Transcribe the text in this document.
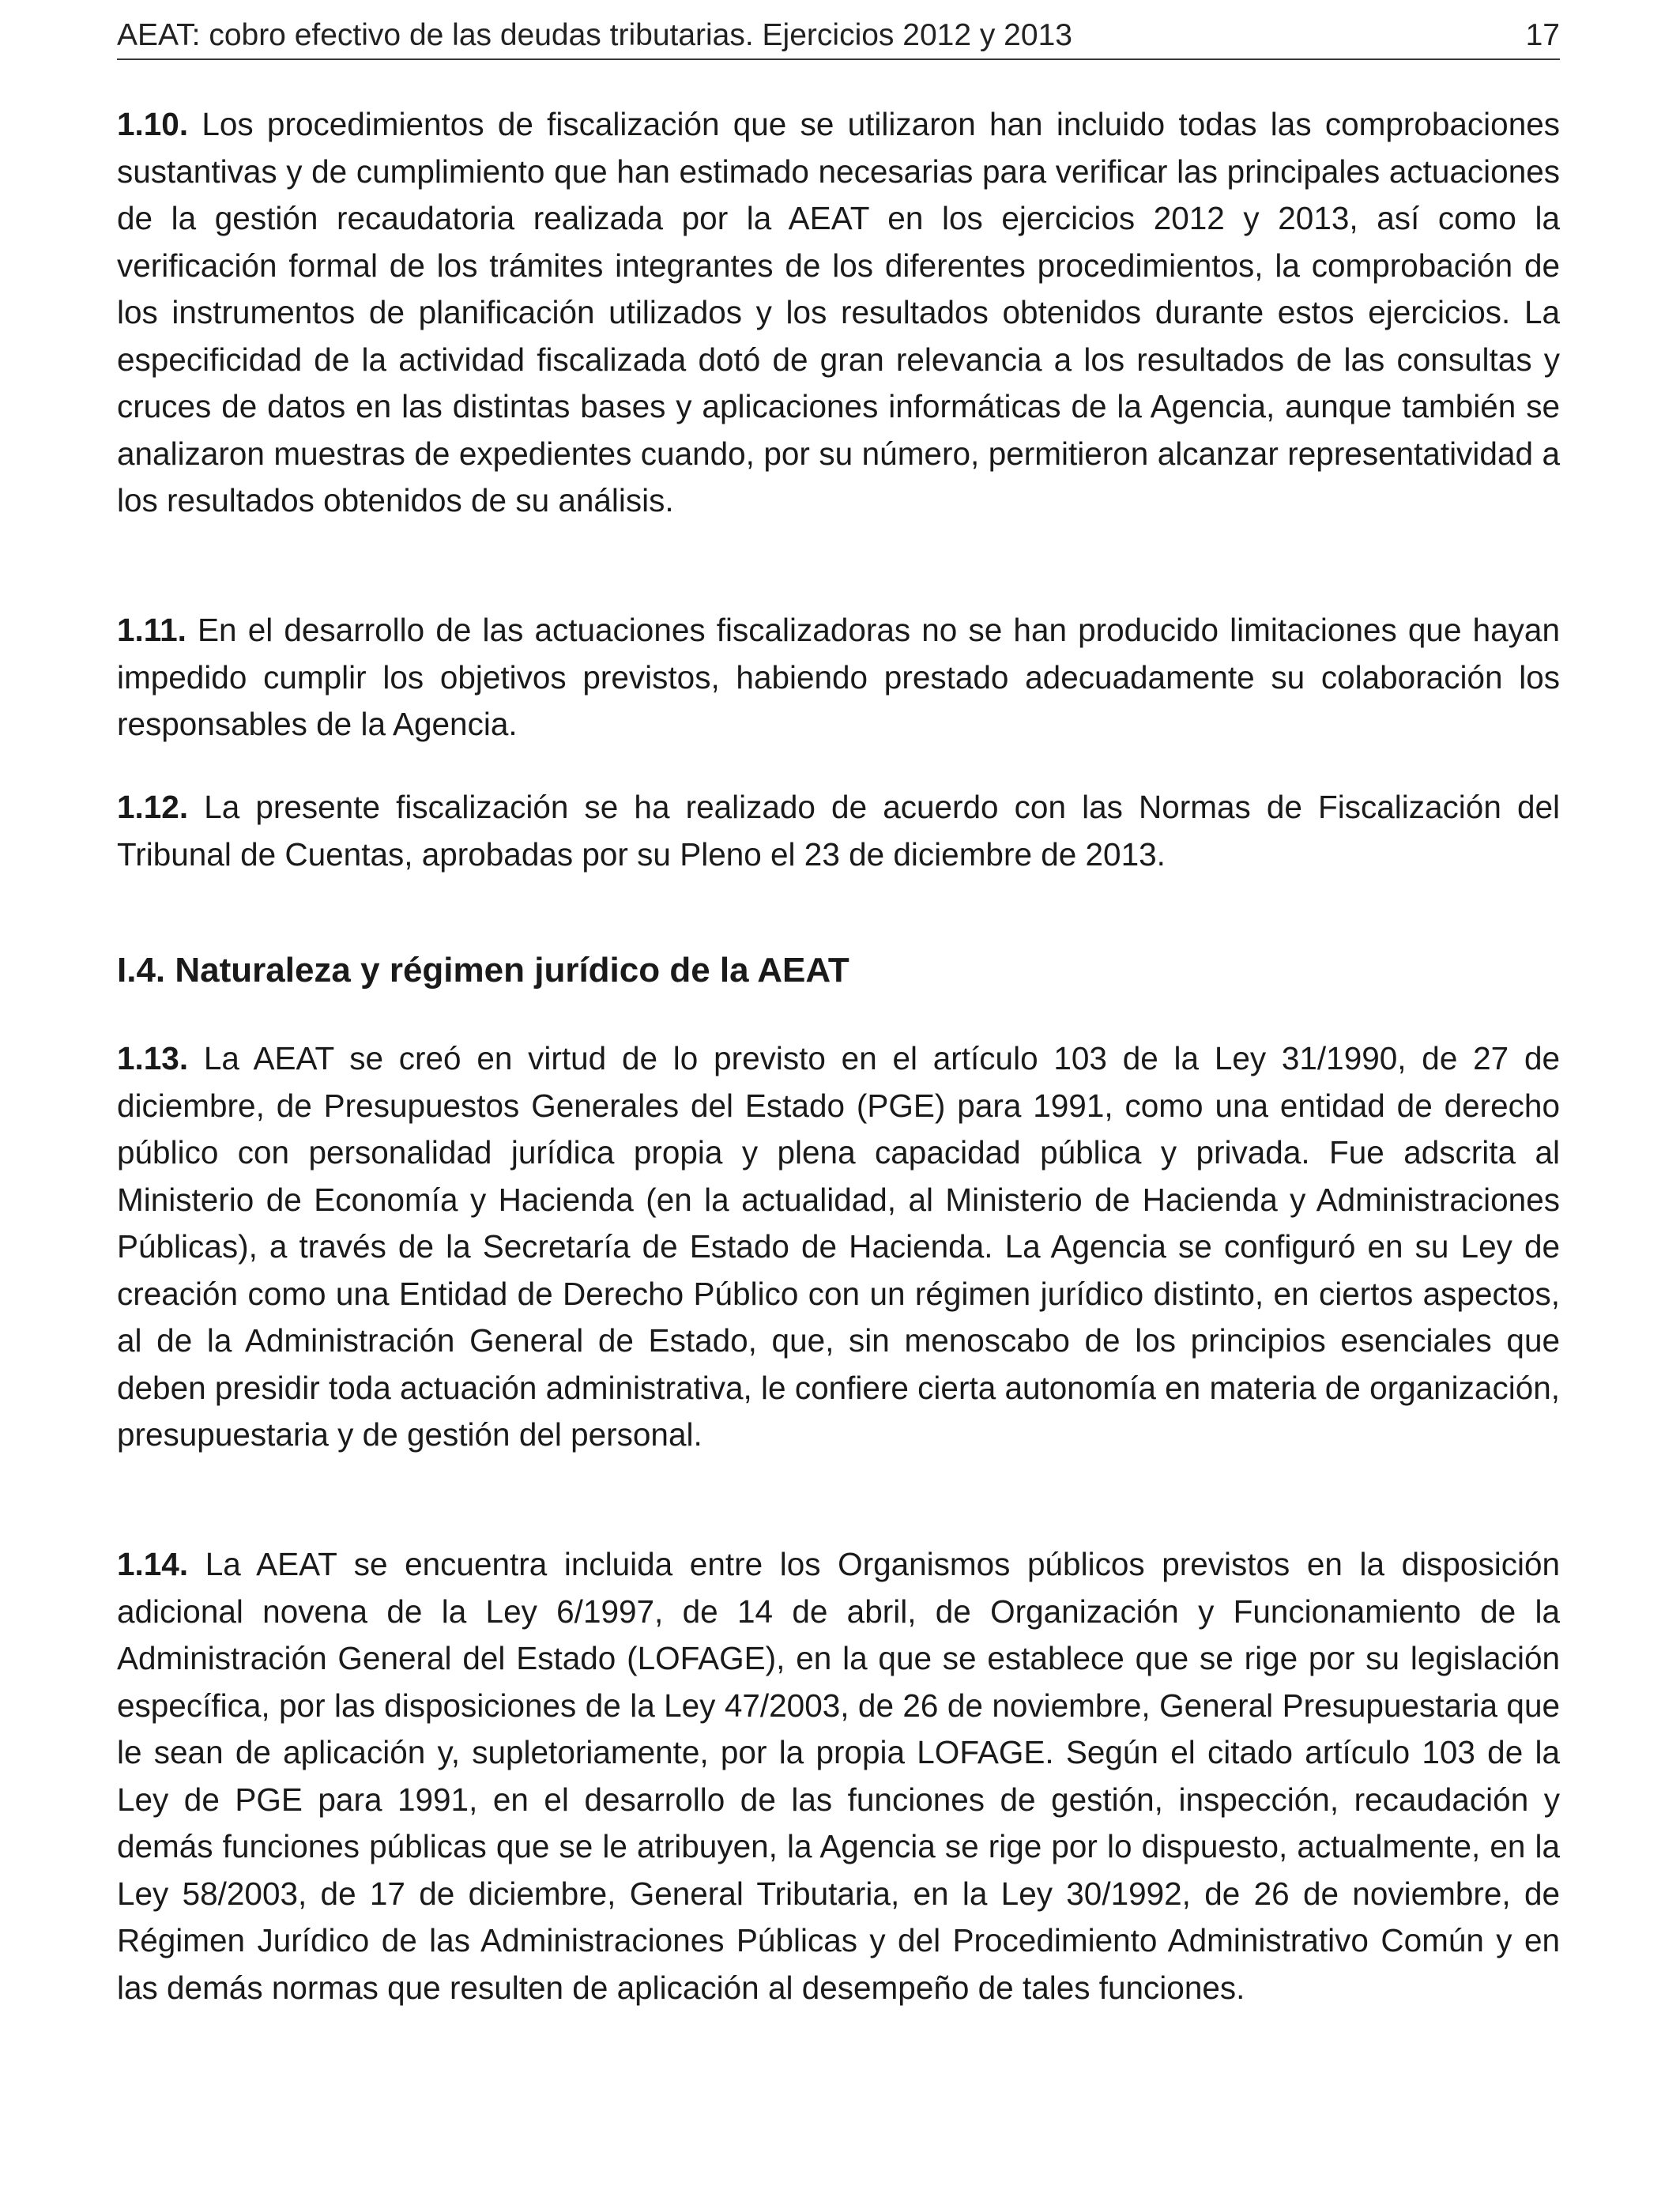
AEAT: cobro efectivo de las deudas tributarias. Ejercicios 2012 y 2013	17

1.10. Los procedimientos de fiscalización que se utilizaron han incluido todas las comprobaciones sustantivas y de cumplimiento que han estimado necesarias para verificar las principales actuaciones de la gestión recaudatoria realizada por la AEAT en los ejercicios 2012 y 2013, así como la verificación formal de los trámites integrantes de los diferentes procedimientos, la comprobación de los instrumentos de planificación utilizados y los resultados obtenidos durante estos ejercicios. La especificidad de la actividad fiscalizada dotó de gran relevancia a los resultados de las consultas y cruces de datos en las distintas bases y aplicaciones informáticas de la Agencia, aunque también se analizaron muestras de expedientes cuando, por su número, permitieron alcanzar representatividad a los resultados obtenidos de su análisis.

1.11. En el desarrollo de las actuaciones fiscalizadoras no se han producido limitaciones que hayan impedido cumplir los objetivos previstos, habiendo prestado adecuadamente su colaboración los responsables de la Agencia.

1.12. La presente fiscalización se ha realizado de acuerdo con las Normas de Fiscalización del Tribunal de Cuentas, aprobadas por su Pleno el 23 de diciembre de 2013.

I.4. Naturaleza y régimen jurídico de la AEAT

1.13. La AEAT se creó en virtud de lo previsto en el artículo 103 de la Ley 31/1990, de 27 de diciembre, de Presupuestos Generales del Estado (PGE) para 1991, como una entidad de derecho público con personalidad jurídica propia y plena capacidad pública y privada. Fue adscrita al Ministerio de Economía y Hacienda (en la actualidad, al Ministerio de Hacienda y Administraciones Públicas), a través de la Secretaría de Estado de Hacienda. La Agencia se configuró en su Ley de creación como una Entidad de Derecho Público con un régimen jurídico distinto, en ciertos aspectos, al de la Administración General de Estado, que, sin menoscabo de los principios esenciales que deben presidir toda actuación administrativa, le confiere cierta autonomía en materia de organización, presupuestaria y de gestión del personal.

1.14. La AEAT se encuentra incluida entre los Organismos públicos previstos en la disposición adicional novena de la Ley 6/1997, de 14 de abril, de Organización y Funcionamiento de la Administración General del Estado (LOFAGE), en la que se establece que se rige por su legislación específica, por las disposiciones de la Ley 47/2003, de 26 de noviembre, General Presupuestaria que le sean de aplicación y, supletoriamente, por la propia LOFAGE. Según el citado artículo 103 de la Ley de PGE para 1991, en el desarrollo de las funciones de gestión, inspección, recaudación y demás funciones públicas que se le atribuyen, la Agencia se rige por lo dispuesto, actualmente, en la Ley 58/2003, de 17 de diciembre, General Tributaria, en la Ley 30/1992, de 26 de noviembre, de Régimen Jurídico de las Administraciones Públicas y del Procedimiento Administrativo Común y en las demás normas que resulten de aplicación al desempeño de tales funciones.
